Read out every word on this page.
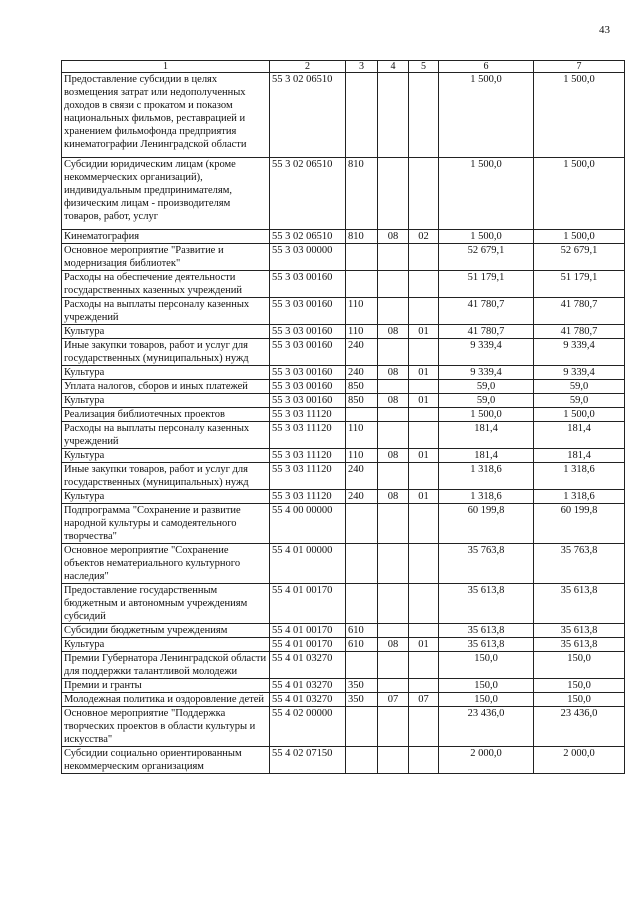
43
1	2	3	4	5	6	7
Предоставление субсидии в целях возмещения затрат или недополученных доходов в связи с прокатом и показом национальных фильмов, реставрацией и хранением фильмофонда предприятия кинематографии Ленинградской области	55 3 02 06510				1 500,0	1 500,0
Субсидии юридическим лицам (кроме некоммерческих организаций), индивидуальным предпринимателям, физическим лицам - производителям товаров, работ, услуг	55 3 02 06510	810			1 500,0	1 500,0
Кинематография	55 3 02 06510	810	08	02	1 500,0	1 500,0
Основное мероприятие "Развитие и модернизация библиотек"	55 3 03 00000				52 679,1	52 679,1
Расходы на обеспечение деятельности государственных казенных учреждений	55 3 03 00160				51 179,1	51 179,1
Расходы на выплаты персоналу казенных учреждений	55 3 03 00160	110			41 780,7	41 780,7
Культура	55 3 03 00160	110	08	01	41 780,7	41 780,7
Иные закупки товаров, работ и услуг для государственных (муниципальных) нужд	55 3 03 00160	240			9 339,4	9 339,4
Культура	55 3 03 00160	240	08	01	9 339,4	9 339,4
Уплата налогов, сборов и иных платежей	55 3 03 00160	850			59,0	59,0
Культура	55 3 03 00160	850	08	01	59,0	59,0
Реализация библиотечных проектов	55 3 03 11120				1 500,0	1 500,0
Расходы на выплаты персоналу казенных учреждений	55 3 03 11120	110			181,4	181,4
Культура	55 3 03 11120	110	08	01	181,4	181,4
Иные закупки товаров, работ и услуг для государственных (муниципальных) нужд	55 3 03 11120	240			1 318,6	1 318,6
Культура	55 3 03 11120	240	08	01	1 318,6	1 318,6
Подпрограмма "Сохранение и развитие народной культуры и самодеятельного творчества"	55 4 00 00000				60 199,8	60 199,8
Основное мероприятие "Сохранение объектов нематериального культурного наследия"	55 4 01 00000				35 763,8	35 763,8
Предоставление государственным бюджетным и автономным учреждениям субсидий	55 4 01 00170				35 613,8	35 613,8
Субсидии бюджетным учреждениям	55 4 01 00170	610			35 613,8	35 613,8
Культура	55 4 01 00170	610	08	01	35 613,8	35 613,8
Премии Губернатора Ленинградской области для поддержки талантливой молодежи	55 4 01 03270				150,0	150,0
Премии и гранты	55 4 01 03270	350			150,0	150,0
Молодежная политика и оздоровление детей	55 4 01 03270	350	07	07	150,0	150,0
Основное мероприятие "Поддержка творческих проектов в области культуры и искусства"	55 4 02 00000				23 436,0	23 436,0
Субсидии социально ориентированным некоммерческим организациям	55 4 02 07150				2 000,0	2 000,0
